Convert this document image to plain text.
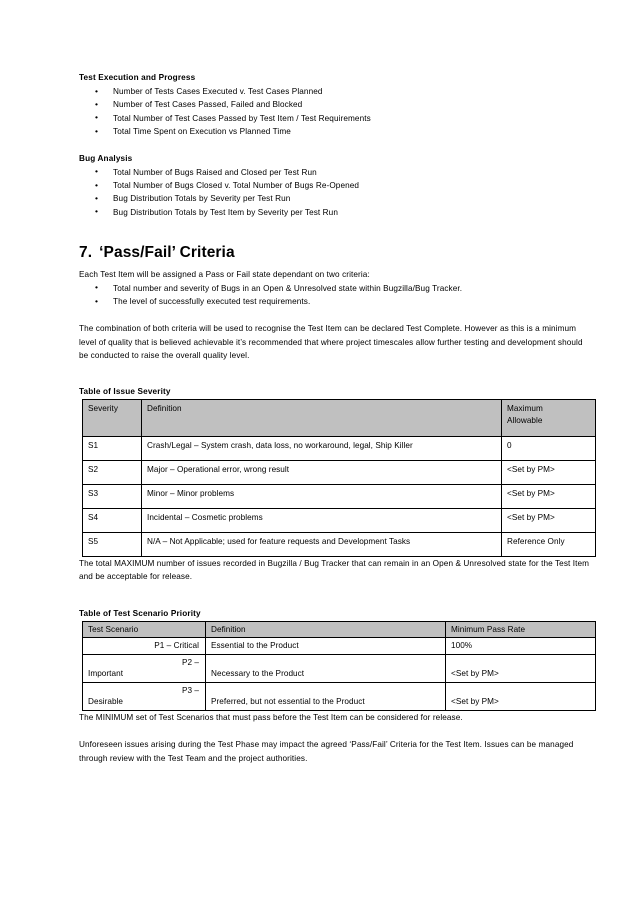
Test Execution and Progress
• Number of Tests Cases Executed v. Test Cases Planned
• Number of Test Cases Passed, Failed and Blocked
• Total Number of Test Cases Passed by Test Item / Test Requirements
• Total Time Spent on Execution vs Planned Time
Bug Analysis
• Total Number of Bugs Raised and Closed per Test Run
• Total Number of Bugs Closed v. Total Number of Bugs Re-Opened
• Bug Distribution Totals by Severity per Test Run
• Bug Distribution Totals by Test Item by Severity per Test Run
7. ‘Pass/Fail’ Criteria

Each Test Item will be assigned a Pass or Fail state dependant on two criteria:

• Total number and severity of Bugs in an Open & Unresolved state within Bugzilla/Bug Tracker.
• The level of successfully executed test requirements.

The combination of both criteria will be used to recognise the Test Item can be declared Test Complete. However as this is a minimum level of quality that is believed achievable it’s recommended that where project timescales allow further testing and development should be conducted to raise the overall quality level.

Table of Issue Severity
Severity	Definition	Maximum
Allowable
S1	Crash/Legal – System crash, data loss, no workaround, legal, Ship Killer	0
S2	Major – Operational error, wrong result	<Set by PM>
S3	Minor – Minor problems	<Set by PM>
S4	Incidental – Cosmetic problems	<Set by PM>
S5	N/A – Not Applicable; used for feature requests and Development Tasks	Reference Only

The total MAXIMUM number of issues recorded in Bugzilla / Bug Tracker that can remain in an Open & Unresolved state for the Test Item and be acceptable for release.

Table of Test Scenario Priority
Test Scenario	Definition	Minimum Pass Rate
P1 – Critical	Essential to the Product	100%
P2 –
Important	Necessary to the Product	<Set by PM>
P3 –
Desirable	Preferred, but not essential to the Product	<Set by PM>

The MINIMUM set of Test Scenarios that must pass before the Test Item can be considered for release.

Unforeseen issues arising during the Test Phase may impact the agreed ‘Pass/Fail’ Criteria for the Test Item. Issues can be managed through review with the Test Team and the project authorities.
